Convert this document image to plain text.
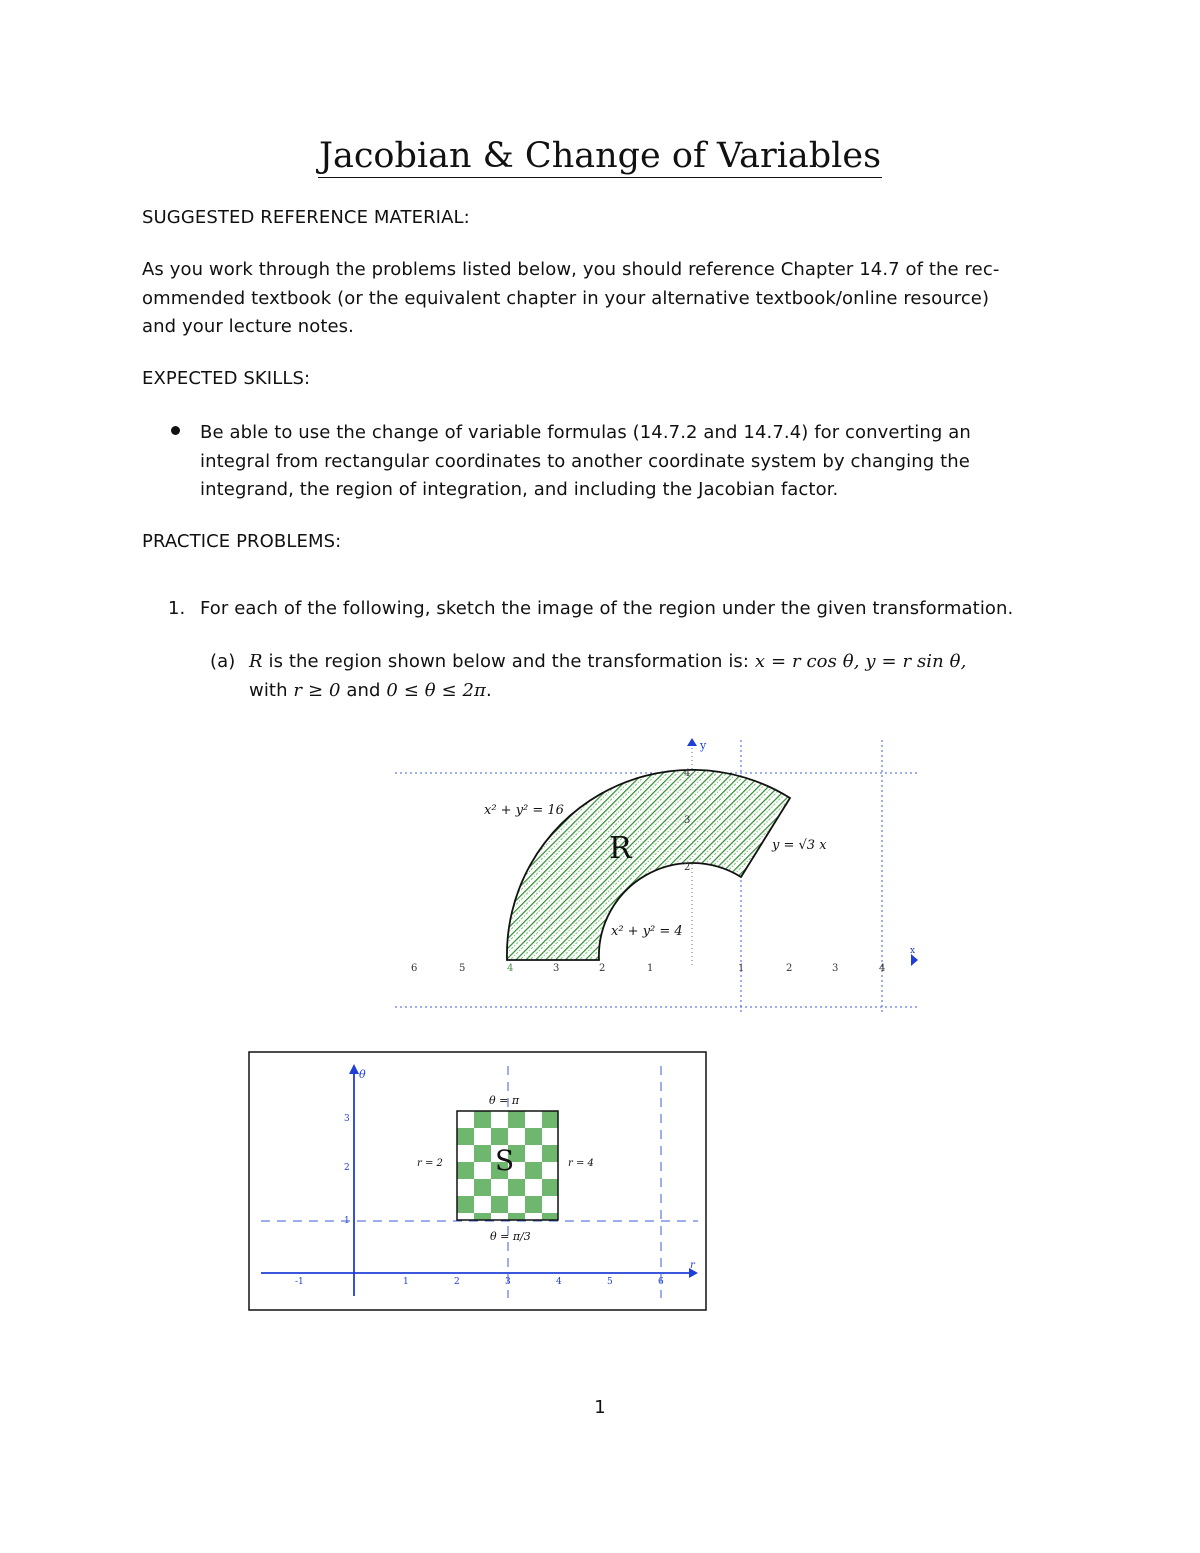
Jacobian & Change of Variables
SUGGESTED REFERENCE MATERIAL:
As you work through the problems listed below, you should reference Chapter 14.7 of the rec-
ommended textbook (or the equivalent chapter in your alternative textbook/online resource)
and your lecture notes.
EXPECTED SKILLS:
Be able to use the change of variable formulas (14.7.2 and 14.7.4) for converting an
integral from rectangular coordinates to another coordinate system by changing the
integrand, the region of integration, and including the Jacobian factor.
PRACTICE PROBLEMS:
1. For each of the following, sketch the image of the region under the given transformation.
(a) R is the region shown below and the transformation is: x = r cos θ, y = r sin θ,
with r ≥ 0 and 0 ≤ θ ≤ 2π.
y
x
6	5	4	3	2	1	1	2	3	4
4
3
2
R
x² + y² = 16
x² + y² = 4
y = √3 x
θ
r
-1	1	2	3	4	5	6
3
2
1
S
θ = π
θ = π/3
r = 2	r = 4
1
